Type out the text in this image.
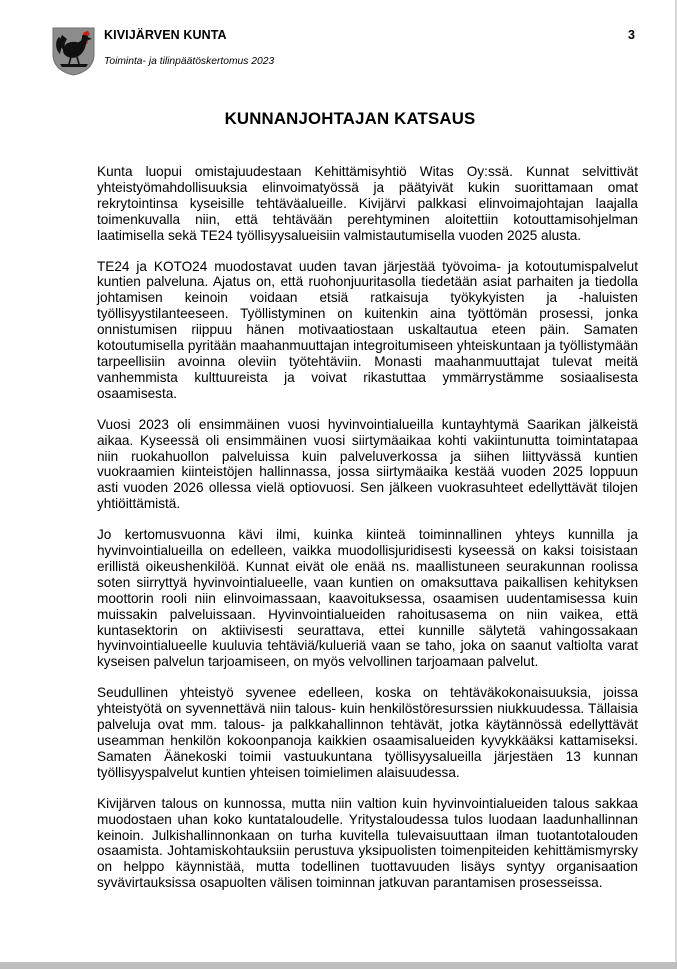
KIVIJÄRVEN KUNTA
Toiminta- ja tilinpäätöskertomus 2023
3
KUNNANJOHTAJAN KATSAUS

Kunta luopui omistajuudestaan Kehittämisyhtiö Witas Oy:ssä. Kunnat selvittivät yhteistyömahdollisuuksia elinvoimatyössä ja päätyivät kukin suorittamaan omat rekrytointinsa kyseisille tehtäväalueille. Kivijärvi palkkasi elinvoimajohtajan laajalla toimenkuvalla niin, että tehtävään perehtyminen aloitettiin kotouttamisohjelman laatimisella sekä TE24 työllisyysalueisiin valmistautumisella vuoden 2025 alusta.

TE24 ja KOTO24 muodostavat uuden tavan järjestää työvoima- ja kotoutumispalvelut kuntien palveluna. Ajatus on, että ruohonjuuritasolla tiedetään asiat parhaiten ja tiedolla johtamisen keinoin voidaan etsiä ratkaisuja työkykyisten ja -haluisten työllisyystilanteeseen. Työllistyminen on kuitenkin aina työttömän prosessi, jonka onnistumisen riippuu hänen motivaatiostaan uskaltautua eteen päin. Samaten kotoutumisella pyritään maahanmuuttajan integroitumiseen yhteiskuntaan ja työllistymään tarpeellisiin avoinna oleviin työtehtäviin. Monasti maahanmuuttajat tulevat meitä vanhemmista kulttuureista ja voivat rikastuttaa ymmärrystämme sosiaalisesta osaamisesta.

Vuosi 2023 oli ensimmäinen vuosi hyvinvointialueilla kuntayhtymä Saarikan jälkeistä aikaa. Kyseessä oli ensimmäinen vuosi siirtymäaikaa kohti vakiintunutta toimintatapaa niin ruokahuollon palveluissa kuin palveluverkossa ja siihen liittyvässä kuntien vuokraamien kiinteistöjen hallinnassa, jossa siirtymäaika kestää vuoden 2025 loppuun asti vuoden 2026 ollessa vielä optiovuosi. Sen jälkeen vuokrasuhteet edellyttävät tilojen yhtiöittämistä.

Jo kertomusvuonna kävi ilmi, kuinka kiinteä toiminnallinen yhteys kunnilla ja hyvinvointialueilla on edelleen, vaikka muodollisjuridisesti kyseessä on kaksi toisistaan erillistä oikeushenkilöä. Kunnat eivät ole enää ns. maallistuneen seurakunnan roolissa soten siirryttyä hyvinvointialueelle, vaan kuntien on omaksuttava paikallisen kehityksen moottorin rooli niin elinvoimassaan, kaavoituksessa, osaamisen uudentamisessa kuin muissakin palveluissaan. Hyvinvointialueiden rahoitusasema on niin vaikea, että kuntasektorin on aktiivisesti seurattava, ettei kunnille sälytetä vahingossakaan hyvinvointialueelle kuuluvia tehtäviä/kulueriä vaan se taho, joka on saanut valtiolta varat kyseisen palvelun tarjoamiseen, on myös velvollinen tarjoamaan palvelut.

Seudullinen yhteistyö syvenee edelleen, koska on tehtäväkokonaisuuksia, joissa yhteistyötä on syvennettävä niin talous- kuin henkilöstöresurssien niukkuudessa. Tällaisia palveluja ovat mm. talous- ja palkkahallinnon tehtävät, jotka käytännössä edellyttävät useamman henkilön kokoonpanoja kaikkien osaamisalueiden kyvykkääksi kattamiseksi. Samaten Äänekoski toimii vastuukuntana työllisyysalueilla järjestäen 13 kunnan työllisyyspalvelut kuntien yhteisen toimielimen alaisuudessa.

Kivijärven talous on kunnossa, mutta niin valtion kuin hyvinvointialueiden talous sakkaa muodostaen uhan koko kuntataloudelle. Yritystaloudessa tulos luodaan laadunhallinnan keinoin. Julkishallinnonkaan on turha kuvitella tulevaisuuttaan ilman tuotantotalouden osaamista. Johtamiskohtauksiin perustuva yksipuolisten toimenpiteiden kehittämismyrsky on helppo käynnistää, mutta todellinen tuottavuuden lisäys syntyy organisaation syvävirtauksissa osapuolten välisen toiminnan jatkuvan parantamisen prosesseissa.
